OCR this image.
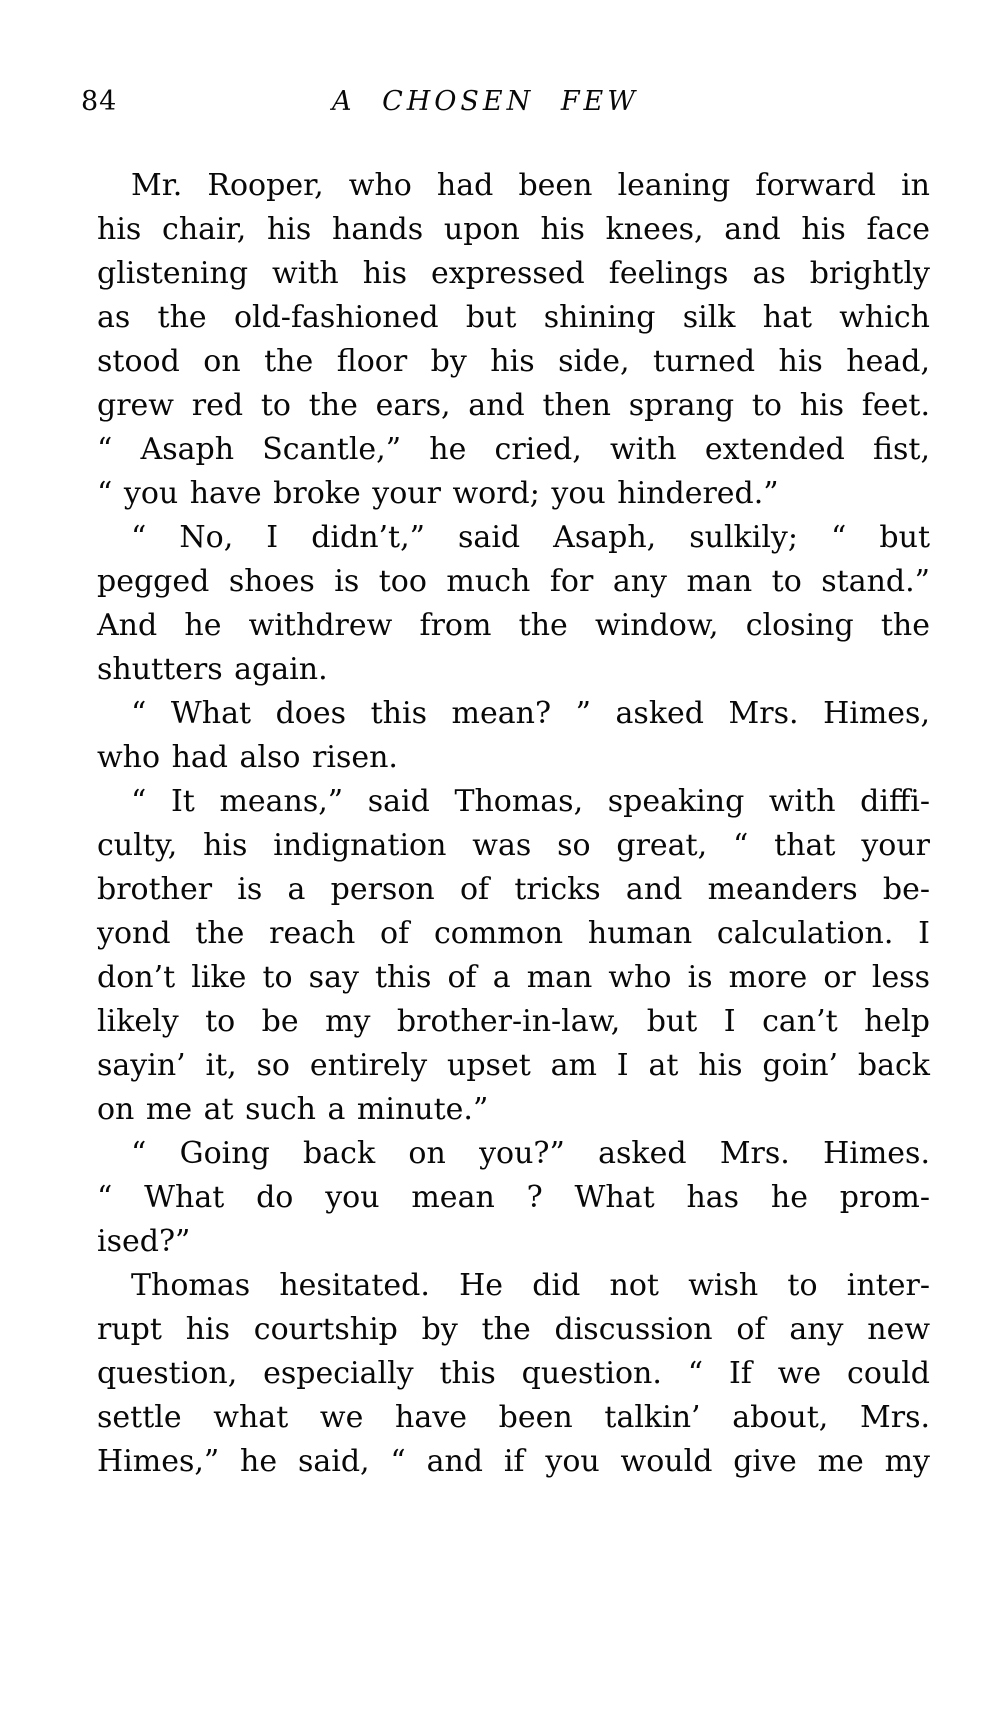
84	A CHOSEN FEW
Mr. Rooper, who had been leaning forward in
his chair, his hands upon his knees, and his face
glistening with his expressed feelings as brightly
as the old-fashioned but shining silk hat which
stood on the floor by his side, turned his head,
grew red to the ears, and then sprang to his feet.
“ Asaph Scantle,” he cried, with extended fist,
“ you have broke your word; you hindered.”
“ No, I didn’t,” said Asaph, sulkily; “ but
pegged shoes is too much for any man to stand.”
And he withdrew from the window, closing the
shutters again.
“ What does this mean? ” asked Mrs. Himes,
who had also risen.
“ It means,” said Thomas, speaking with diffi-
culty, his indignation was so great, “ that your
brother is a person of tricks and meanders be-
yond the reach of common human calculation. I
don’t like to say this of a man who is more or less
likely to be my brother-in-law, but I can’t help
sayin’ it, so entirely upset am I at his goin’ back
on me at such a minute.”
“ Going back on you?” asked Mrs. Himes.
“ What do you mean ? What has he prom-
ised?”
Thomas hesitated. He did not wish to inter-
rupt his courtship by the discussion of any new
question, especially this question. “ If we could
settle what we have been talkin’ about, Mrs.
Himes,” he said, “ and if you would give me my
